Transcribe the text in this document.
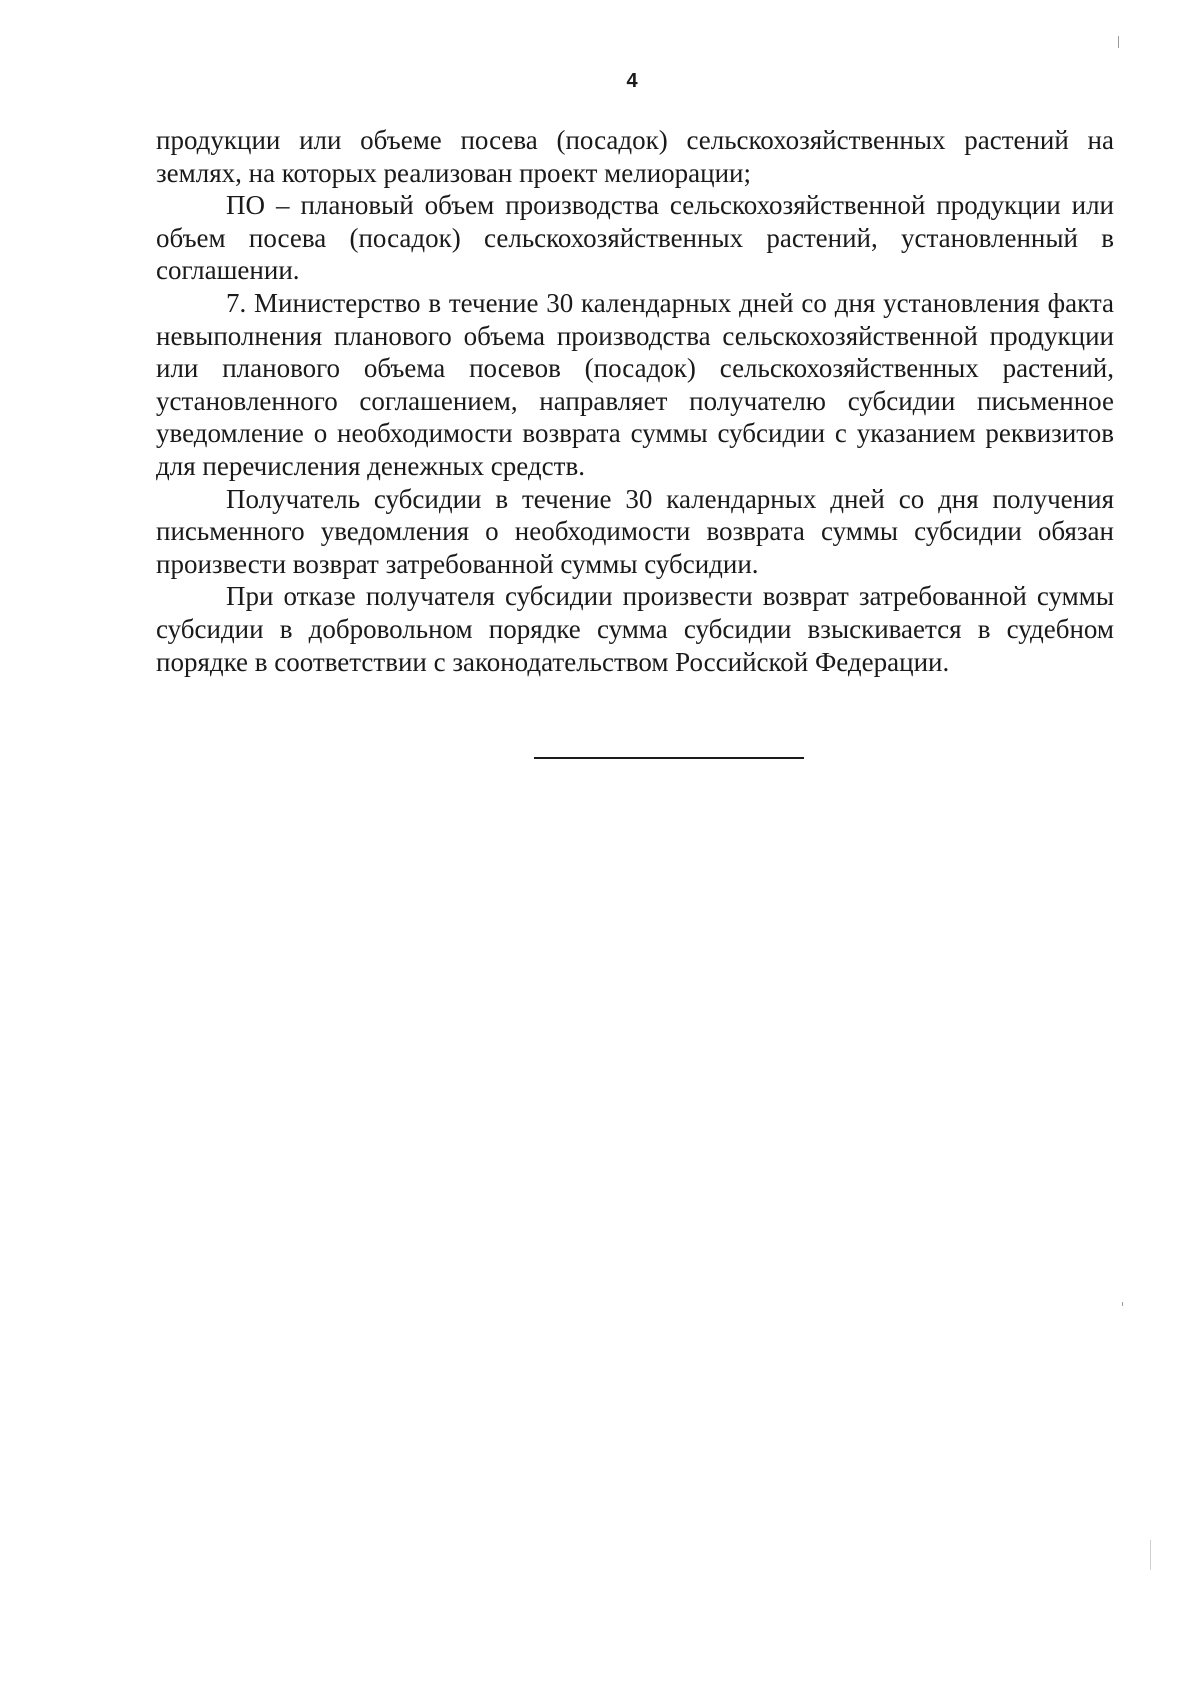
4

продукции или объеме посева (посадок) сельскохозяйственных растений на землях, на которых реализован проект мелиорации;

ПО – плановый объем производства сельскохозяйственной продукции или объем посева (посадок) сельскохозяйственных растений, установленный в соглашении.

7. Министерство в течение 30 календарных дней со дня установления факта невыполнения планового объема производства сельскохозяйственной продукции или планового объема посевов (посадок) сельскохозяйственных растений, установленного соглашением, направляет получателю субсидии письменное уведомление о необходимости возврата суммы субсидии с указанием реквизитов для перечисления денежных средств.

Получатель субсидии в течение 30 календарных дней со дня получения письменного уведомления о необходимости возврата суммы субсидии обязан произвести возврат затребованной суммы субсидии.

При отказе получателя субсидии произвести возврат затребованной суммы субсидии в добровольном порядке сумма субсидии взыскивается в судебном порядке в соответствии с законодательством Российской Федерации.
